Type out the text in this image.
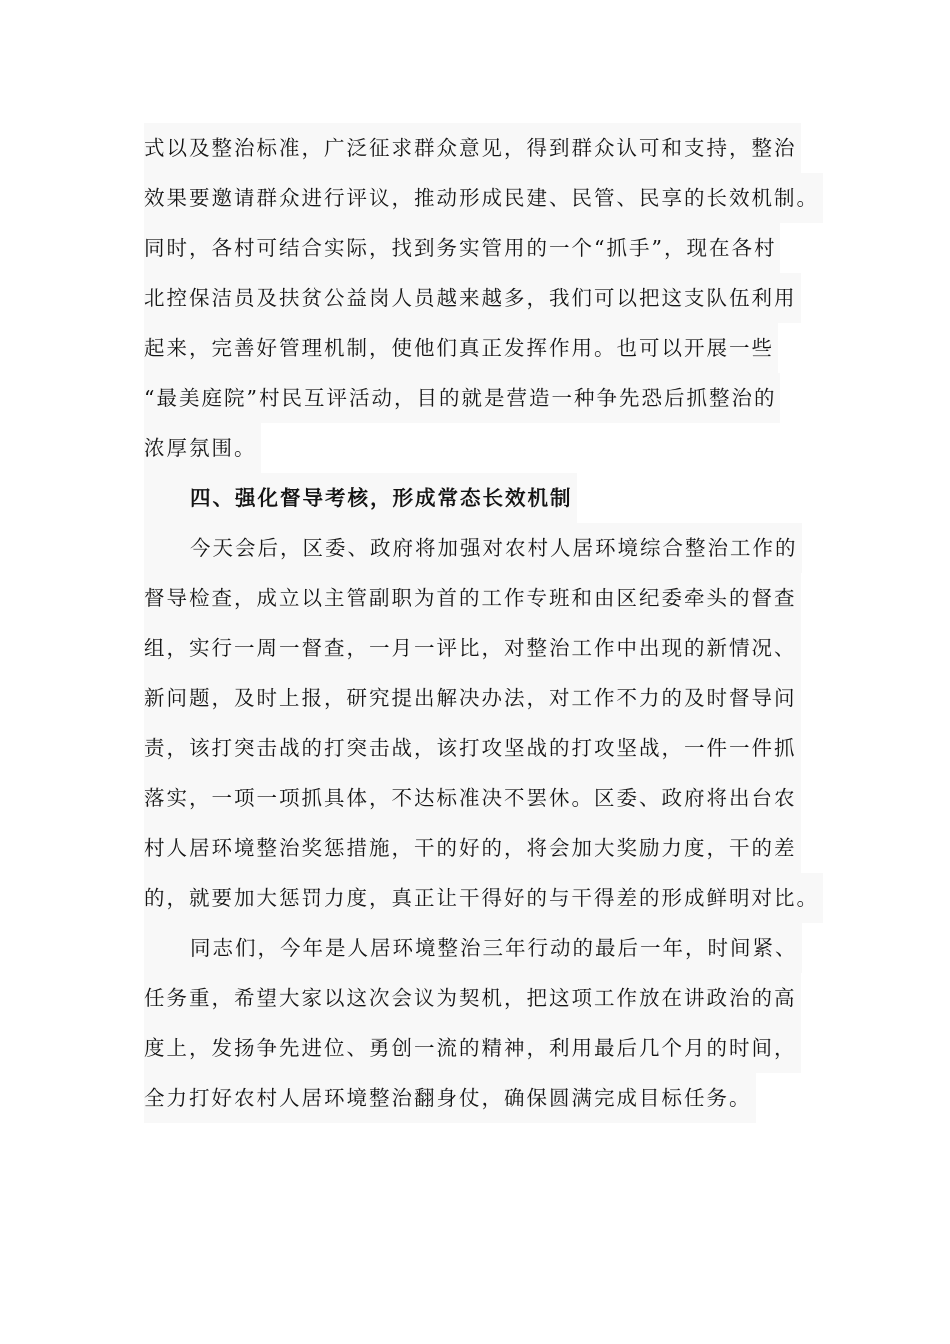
式以及整治标准，广泛征求群众意见，得到群众认可和支持，整治
效果要邀请群众进行评议，推动形成民建、民管、民享的长效机制。
同时，各村可结合实际，找到务实管用的一个“抓手”，现在各村
北控保洁员及扶贫公益岗人员越来越多，我们可以把这支队伍利用
起来，完善好管理机制，使他们真正发挥作用。也可以开展一些
“最美庭院”村民互评活动，目的就是营造一种争先恐后抓整治的
浓厚氛围。
四、强化督导考核，形成常态长效机制
今天会后，区委、政府将加强对农村人居环境综合整治工作的
督导检查，成立以主管副职为首的工作专班和由区纪委牵头的督查
组，实行一周一督查，一月一评比，对整治工作中出现的新情况、
新问题，及时上报，研究提出解决办法，对工作不力的及时督导问
责，该打突击战的打突击战，该打攻坚战的打攻坚战，一件一件抓
落实，一项一项抓具体，不达标准决不罢休。区委、政府将出台农
村人居环境整治奖惩措施，干的好的，将会加大奖励力度，干的差
的，就要加大惩罚力度，真正让干得好的与干得差的形成鲜明对比。
同志们，今年是人居环境整治三年行动的最后一年，时间紧、
任务重，希望大家以这次会议为契机，把这项工作放在讲政治的高
度上，发扬争先进位、勇创一流的精神，利用最后几个月的时间，
全力打好农村人居环境整治翻身仗，确保圆满完成目标任务。
